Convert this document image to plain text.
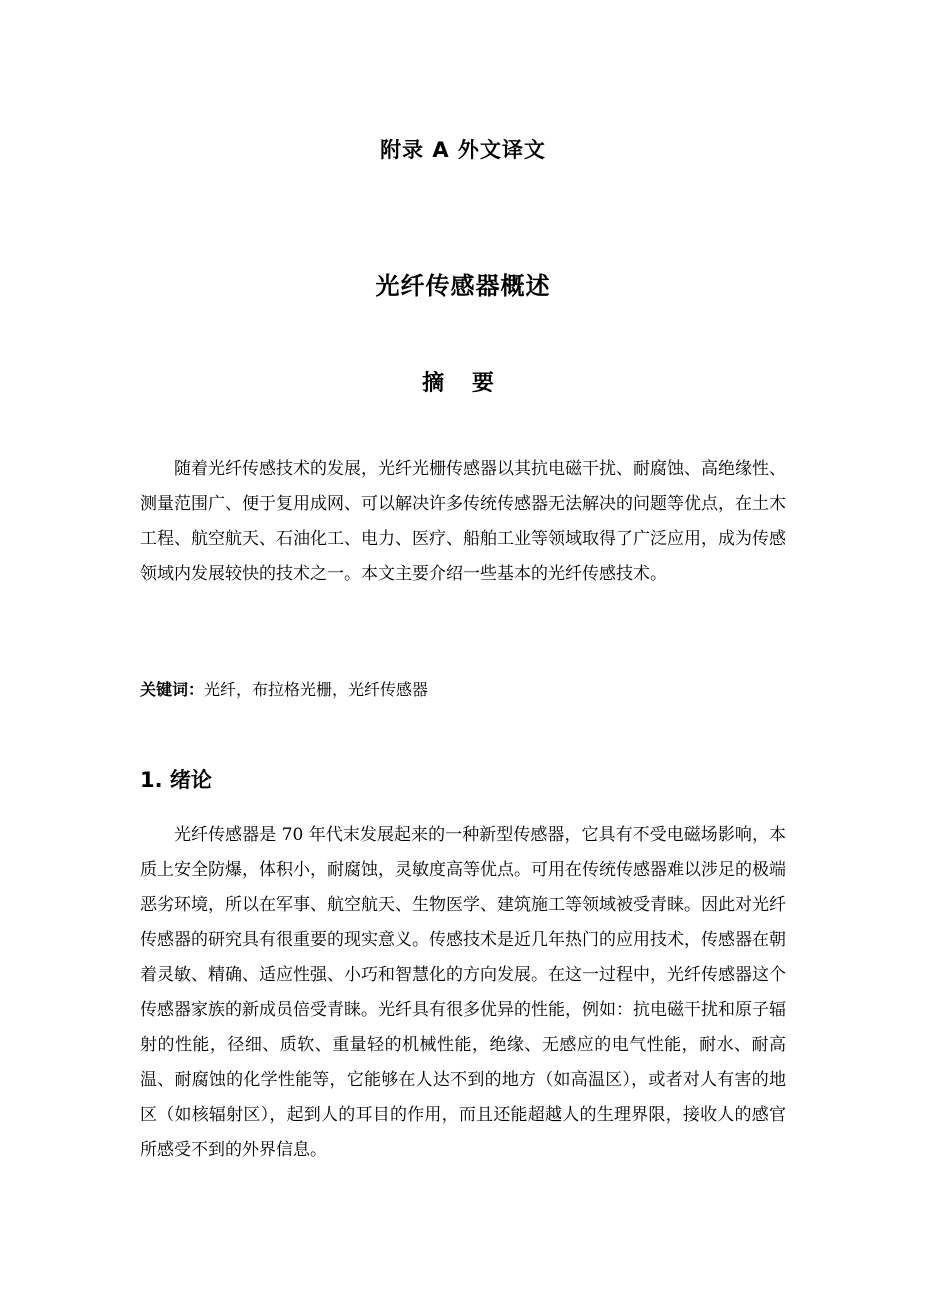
附录 A 外文译文
光纤传感器概述
摘 要

随着光纤传感技术的发展，光纤光栅传感器以其抗电磁干扰、耐腐蚀、高绝缘性、测量范围广、便于复用成网、可以解决许多传统传感器无法解决的问题等优点，在土木工程、航空航天、石油化工、电力、医疗、船舶工业等领域取得了广泛应用，成为传感领域内发展较快的技术之一。本文主要介绍一些基本的光纤传感技术。

关键词：光纤，布拉格光栅，光纤传感器
1. 绪论

光纤传感器是 70 年代末发展起来的一种新型传感器，它具有不受电磁场影响，本质上安全防爆，体积小，耐腐蚀，灵敏度高等优点。可用在传统传感器难以涉足的极端恶劣环境，所以在军事、航空航天、生物医学、建筑施工等领域被受青睐。因此对光纤传感器的研究具有很重要的现实意义。传感技术是近几年热门的应用技术，传感器在朝着灵敏、精确、适应性强、小巧和智慧化的方向发展。在这一过程中，光纤传感器这个传感器家族的新成员倍受青睐。光纤具有很多优异的性能，例如：抗电磁干扰和原子辐射的性能，径细、质软、重量轻的机械性能，绝缘、无感应的电气性能，耐水、耐高温、耐腐蚀的化学性能等，它能够在人达不到的地方（如高温区），或者对人有害的地区（如核辐射区），起到人的耳目的作用，而且还能超越人的生理界限，接收人的感官所感受不到的外界信息。
